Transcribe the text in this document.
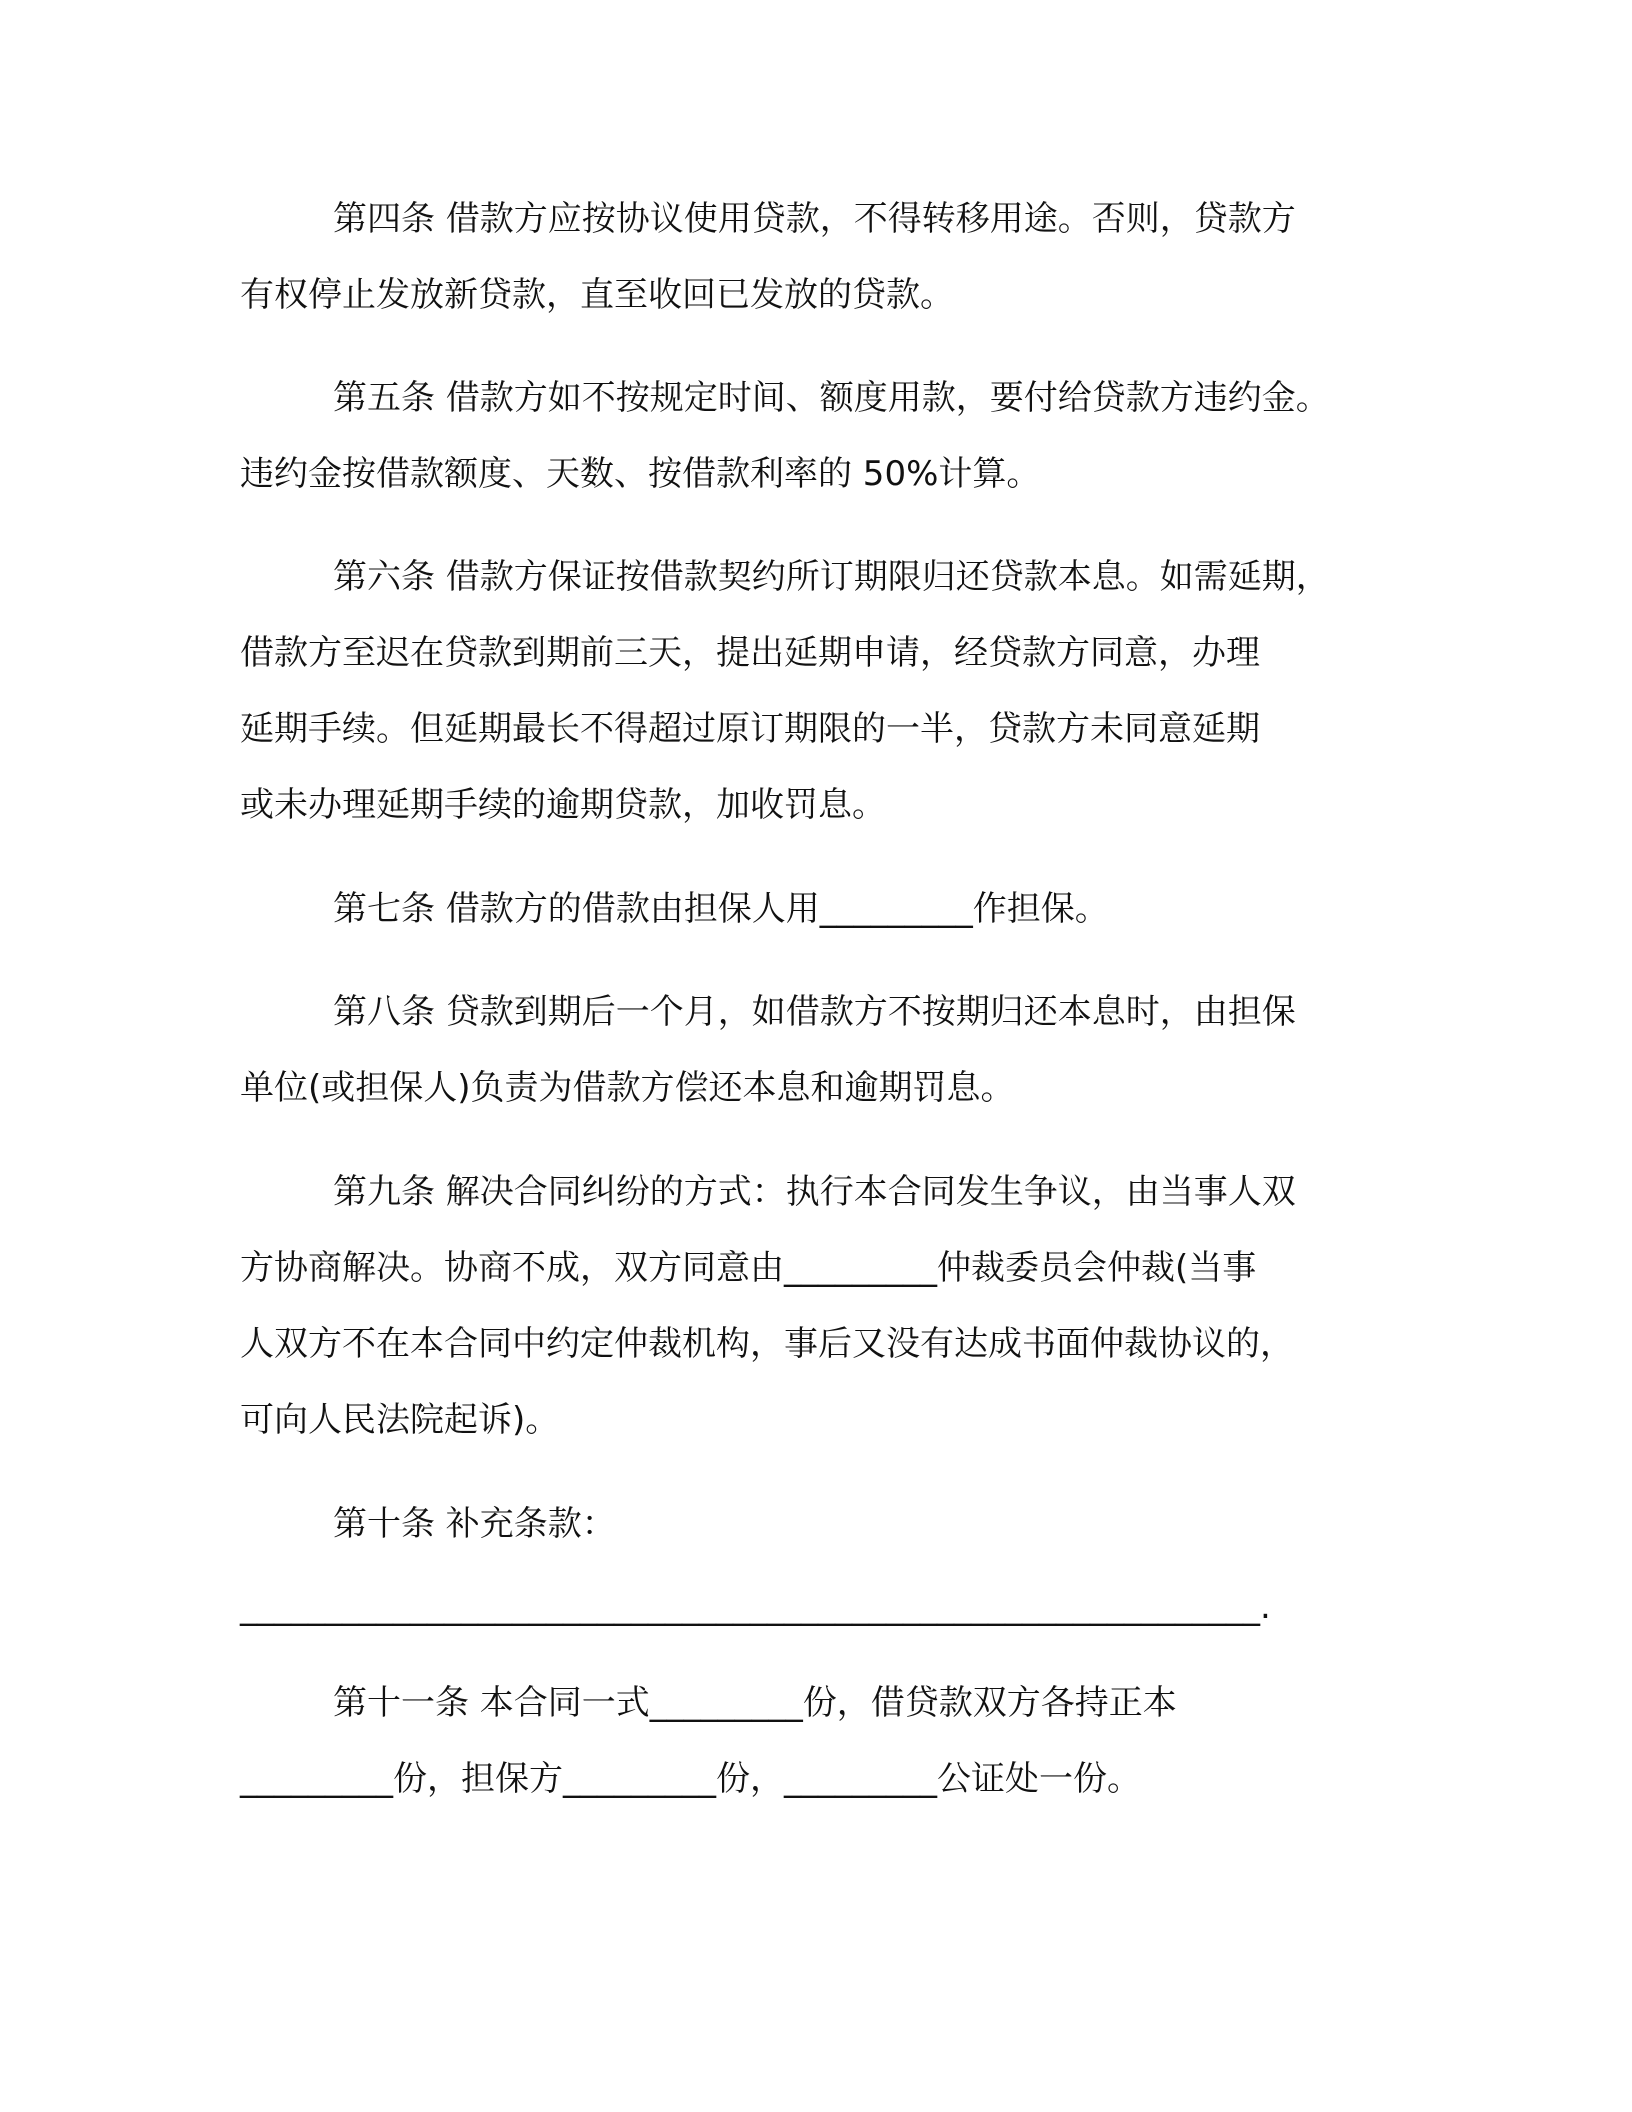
第四条 借款方应按协议使用贷款，不得转移用途。否则，贷款方
有权停止发放新贷款，直至收回已发放的贷款。
第五条 借款方如不按规定时间、额度用款，要付给贷款方违约金。
违约金按借款额度、天数、按借款利率的 50%计算。
第六条 借款方保证按借款契约所订期限归还贷款本息。如需延期，
借款方至迟在贷款到期前三天，提出延期申请，经贷款方同意，办理
延期手续。但延期最长不得超过原订期限的一半，贷款方未同意延期
或未办理延期手续的逾期贷款，加收罚息。
第七条 借款方的借款由担保人用_________作担保。
第八条 贷款到期后一个月，如借款方不按期归还本息时，由担保
单位(或担保人)负责为借款方偿还本息和逾期罚息。
第九条 解决合同纠纷的方式：执行本合同发生争议，由当事人双
方协商解决。协商不成，双方同意由_________仲裁委员会仲裁(当事
人双方不在本合同中约定仲裁机构，事后又没有达成书面仲裁协议的，
可向人民法院起诉)。
第十条 补充条款：
____________________________________________________________.
第十一条 本合同一式_________份，借贷款双方各持正本
_________份，担保方_________份，_________公证处一份。
